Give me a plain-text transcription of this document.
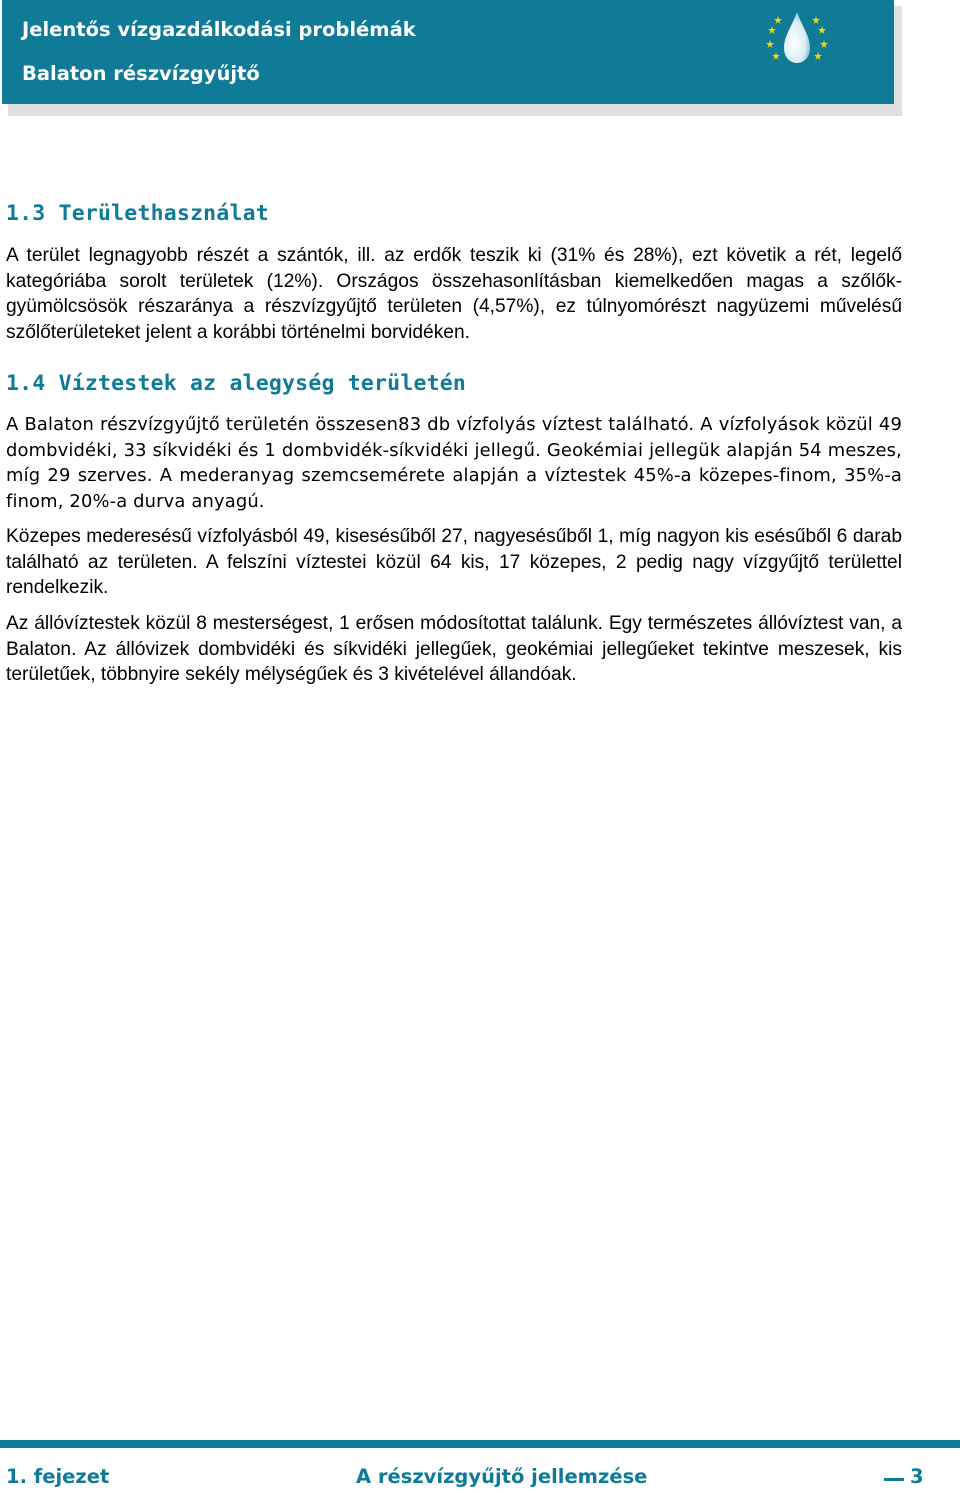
Jelentős vízgazdálkodási problémák
Balaton részvízgyűjtő
1.3 Területhasználat

A terület legnagyobb részét a szántók, ill. az erdők teszik ki (31% és 28%), ezt követik a rét, legelő kategóriába sorolt területek (12%). Országos összehasonlításban kiemelkedően magas a szőlők-gyümölcsösök részaránya a részvízgyűjtő területen (4,57%), ez túlnyomórészt nagyüzemi művelésű szőlőterületeket jelent a korábbi történelmi borvidéken.

1.4 Víztestek az alegység területén

A Balaton részvízgyűjtő területén összesen83 db vízfolyás víztest található. A vízfolyások közül 49 dombvidéki, 33 síkvidéki és 1 dombvidék-síkvidéki jellegű. Geokémiai jellegük alapján 54 meszes, míg 29 szerves. A mederanyag szemcsemérete alapján a víztestek 45%-a közepes-finom, 35%-a finom, 20%-a durva anyagú.

Közepes mederesésű vízfolyásból 49, kisesésűből 27, nagyesésűből 1, míg nagyon kis esésűből 6 darab található az területen. A felszíni víztestei közül 64 kis, 17 közepes, 2 pedig nagy vízgyűjtő területtel rendelkezik.

Az állóvíztestek közül 8 mesterségest, 1 erősen módosítottat találunk. Egy természetes állóvíztest van, a Balaton. Az állóvizek dombvidéki és síkvidéki jellegűek, geokémiai jellegűeket tekintve meszesek, kis területűek, többnyire sekély mélységűek és 3 kivételével állandóak.

1. fejezet	A részvízgyűjtő jellemzése	3
